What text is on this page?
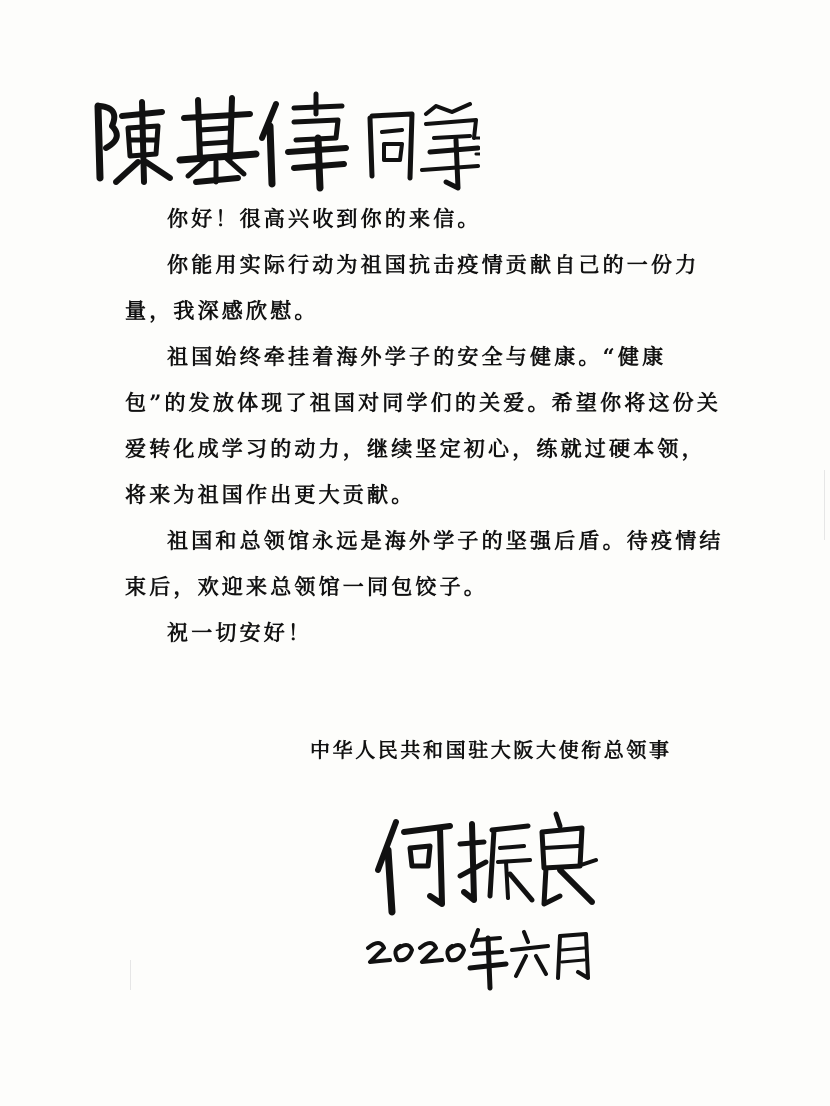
你好！很高兴收到你的来信。

你能用实际行动为祖国抗击疫情贡献自己的一份力量，我深感欣慰。

祖国始终牵挂着海外学子的安全与健康。“健康包”的发放体现了祖国对同学们的关爱。希望你将这份关爱转化成学习的动力，继续坚定初心，练就过硬本领，将来为祖国作出更大贡献。

祖国和总领馆永远是海外学子的坚强后盾。待疫情结束后，欢迎来总领馆一同包饺子。

祝一切安好！

中华人民共和国驻大阪大使衔总领事
